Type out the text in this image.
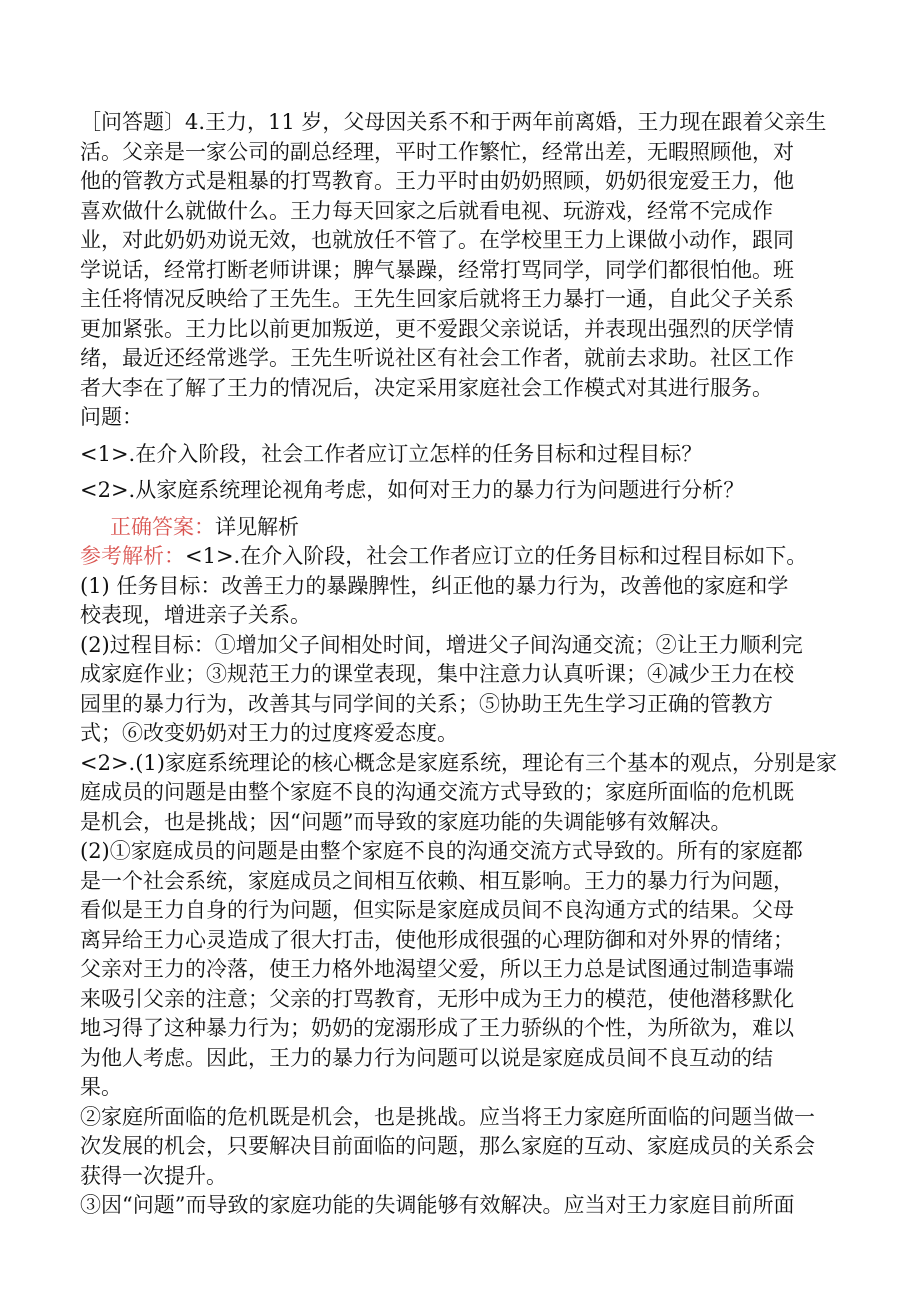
［问答题〕4.王力，11 岁，父母因关系不和于两年前离婚，王力现在跟着父亲生

活。父亲是一家公司的副总经理，平时工作繁忙，经常出差，无暇照顾他，对

他的管教方式是粗暴的打骂教育。王力平时由奶奶照顾，奶奶很宠爱王力，他

喜欢做什么就做什么。王力每天回家之后就看电视、玩游戏，经常不完成作

业，对此奶奶劝说无效，也就放任不管了。在学校里王力上课做小动作，跟同

学说话，经常打断老师讲课；脾气暴躁，经常打骂同学，同学们都很怕他。班

主任将情况反映给了王先生。王先生回家后就将王力暴打一通，自此父子关系

更加紧张。王力比以前更加叛逆，更不爱跟父亲说话，并表现出强烈的厌学情

绪，最近还经常逃学。王先生听说社区有社会工作者，就前去求助。社区工作

者大李在了解了王力的情况后，决定采用家庭社会工作模式对其进行服务。

问题：

<1>.在介入阶段，社会工作者应订立怎样的任务目标和过程目标？

<2>.从家庭系统理论视角考虑，如何对王力的暴力行为问题进行分析？

正确答案：详见解析

参考解析：<1>.在介入阶段，社会工作者应订立的任务目标和过程目标如下。

(1) 任务目标：改善王力的暴躁脾性，纠正他的暴力行为，改善他的家庭和学

校表现，增进亲子关系。

(2)过程目标：①增加父子间相处时间，增进父子间沟通交流；②让王力顺利完

成家庭作业；③规范王力的课堂表现，集中注意力认真听课；④减少王力在校

园里的暴力行为，改善其与同学间的关系；⑤协助王先生学习正确的管教方

式；⑥改变奶奶对王力的过度疼爱态度。

<2>.(1)家庭系统理论的核心概念是家庭系统，理论有三个基本的观点，分别是家

庭成员的问题是由整个家庭不良的沟通交流方式导致的；家庭所面临的危机既

是机会，也是挑战；因“问题”而导致的家庭功能的失调能够有效解决。

(2)①家庭成员的问题是由整个家庭不良的沟通交流方式导致的。所有的家庭都

是一个社会系统，家庭成员之间相互依赖、相互影响。王力的暴力行为问题，

看似是王力自身的行为问题，但实际是家庭成员间不良沟通方式的结果。父母

离异给王力心灵造成了很大打击，使他形成很强的心理防御和对外界的情绪；

父亲对王力的冷落，使王力格外地渴望父爱，所以王力总是试图通过制造事端

来吸引父亲的注意；父亲的打骂教育，无形中成为王力的模范，使他潜移默化

地习得了这种暴力行为；奶奶的宠溺形成了王力骄纵的个性，为所欲为，难以

为他人考虑。因此，王力的暴力行为问题可以说是家庭成员间不良互动的结

果。

②家庭所面临的危机既是机会，也是挑战。应当将王力家庭所面临的问题当做一

次发展的机会，只要解决目前面临的问题，那么家庭的互动、家庭成员的关系会

获得一次提升。

③因“问题”而导致的家庭功能的失调能够有效解决。应当对王力家庭目前所面
